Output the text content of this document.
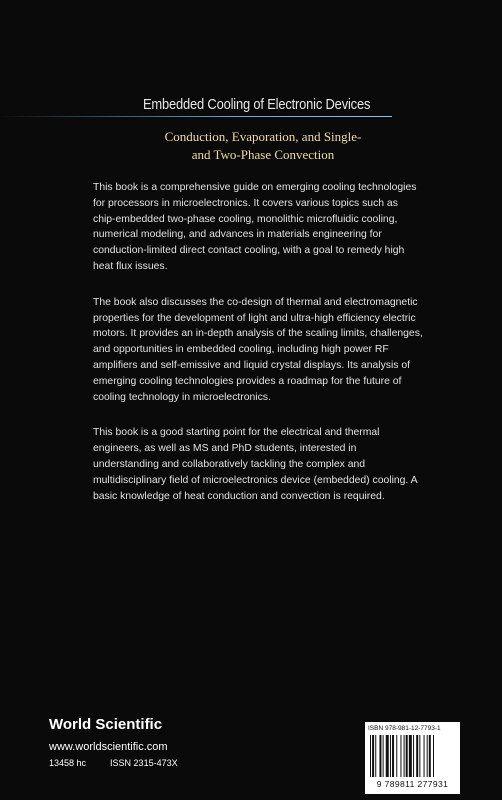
Embedded Cooling of Electronic Devices
Conduction, Evaporation, and Single-
and Two-Phase Convection

This book is a comprehensive guide on emerging cooling technologies for processors in microelectronics. It covers various topics such as chip-embedded two-phase cooling, monolithic microfluidic cooling, numerical modeling, and advances in materials engineering for conduction-limited direct contact cooling, with a goal to remedy high heat flux issues.

The book also discusses the co-design of thermal and electromagnetic properties for the development of light and ultra-high efficiency electric motors. It provides an in-depth analysis of the scaling limits, challenges, and opportunities in embedded cooling, including high power RF amplifiers and self-emissive and liquid crystal displays. Its analysis of emerging cooling technologies provides a roadmap for the future of cooling technology in microelectronics.

This book is a good starting point for the electrical and thermal engineers, as well as MS and PhD students, interested in understanding and collaboratively tackling the complex and multidisciplinary field of microelectronics device (embedded) cooling. A basic knowledge of heat conduction and convection is required.

World Scientific
www.worldscientific.com
13458 hc	ISSN 2315-473X
ISBN 978-981-12-7793-1
9 789811 277931
